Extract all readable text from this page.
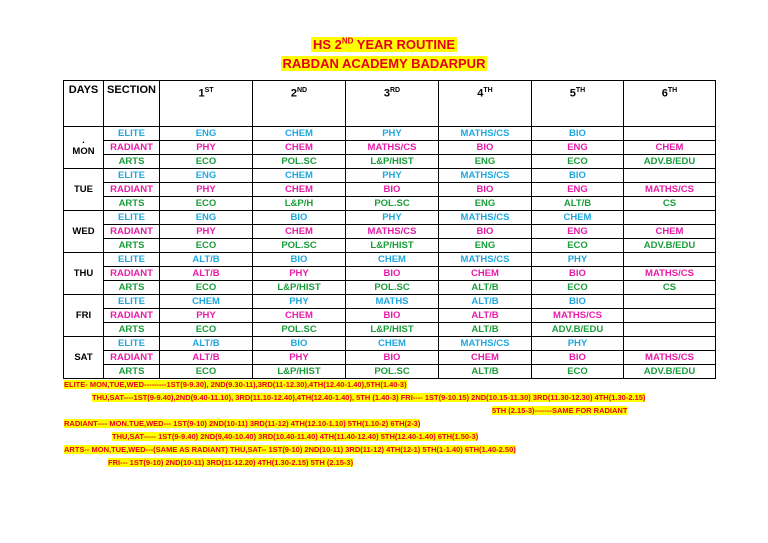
HS 2ND YEAR ROUTINE
RABDAN ACADEMY BADARPUR
DAYS	SECTION	1ST	2ND	3RD	4TH	5TH	6TH

.
MON	ELITE	ENG	CHEM	PHY	MATHS/CS	BIO	
	RADIANT	PHY	CHEM	MATHS/CS	BIO	ENG	CHEM
	ARTS	ECO	POL.SC	L&P/HIST	ENG	ECO	ADV.B/EDU

TUE	ELITE	ENG	CHEM	PHY	MATHS/CS	BIO	
	RADIANT	PHY	CHEM	BIO	BIO	ENG	MATHS/CS
	ARTS	ECO	L&P/H	POL.SC	ENG	ALT/B	CS

WED	ELITE	ENG	BIO	PHY	MATHS/CS	CHEM	
	RADIANT	PHY	CHEM	MATHS/CS	BIO	ENG	CHEM
	ARTS	ECO	POL.SC	L&P/HIST	ENG	ECO	ADV.B/EDU

THU	ELITE	ALT/B	BIO	CHEM	MATHS/CS	PHY	
	RADIANT	ALT/B	PHY	BIO	CHEM	BIO	MATHS/CS
	ARTS	ECO	L&P/HIST	POL.SC	ALT/B	ECO	CS

FRI	ELITE	CHEM	PHY	MATHS	ALT/B	BIO	
	RADIANT	PHY	CHEM	BIO	ALT/B	MATHS/CS	
	ARTS	ECO	POL.SC	L&P/HIST	ALT/B	ADV.B/EDU	

SAT	ELITE	ALT/B	BIO	CHEM	MATHS/CS	PHY	
	RADIANT	ALT/B	PHY	BIO	CHEM	BIO	MATHS/CS
	ARTS	ECO	L&P/HIST	POL.SC	ALT/B	ECO	ADV.B/EDU
ELITE- MON,TUE,WED---------1ST(9-9.30), 2ND(9.30-11),3RD(11-12.30),4TH(12.40-1.40),5TH(1.40-3)
THU,SAT----1ST(9-9.40),2ND(9.40-11.10), 3RD(11.10-12.40),4TH(12.40-1.40), 5TH (1.40-3) FRI---- 1ST(9-10.15) 2ND(10.15-11.30) 3RD(11.30-12.30) 4TH(1.30-2.15)
5TH (2.15-3)-------SAME FOR RADIANT
RADIANT---- MON.TUE,WED--- 1ST(9-10) 2ND(10-11) 3RD(11-12) 4TH(12.10-1.10) 5TH(1.10-2) 6TH(2-3)
THU,SAT----- 1ST(9-9.40) 2ND(9,40-10.40) 3RD(10.40-11.40) 4TH(11.40-12.40) 5TH(12.40-1.40) 6TH(1.50-3)
ARTS-- MON,TUE,WED---(SAME AS RADIANT) THU,SAT-- 1ST(9-10) 2ND(10-11) 3RD(11-12) 4TH(12-1) 5TH(1-1.40) 6TH(1.40-2.50)
FRI--- 1ST(9-10) 2ND(10-11) 3RD(11-12.20) 4TH(1.30-2.15) 5TH (2.15-3)
